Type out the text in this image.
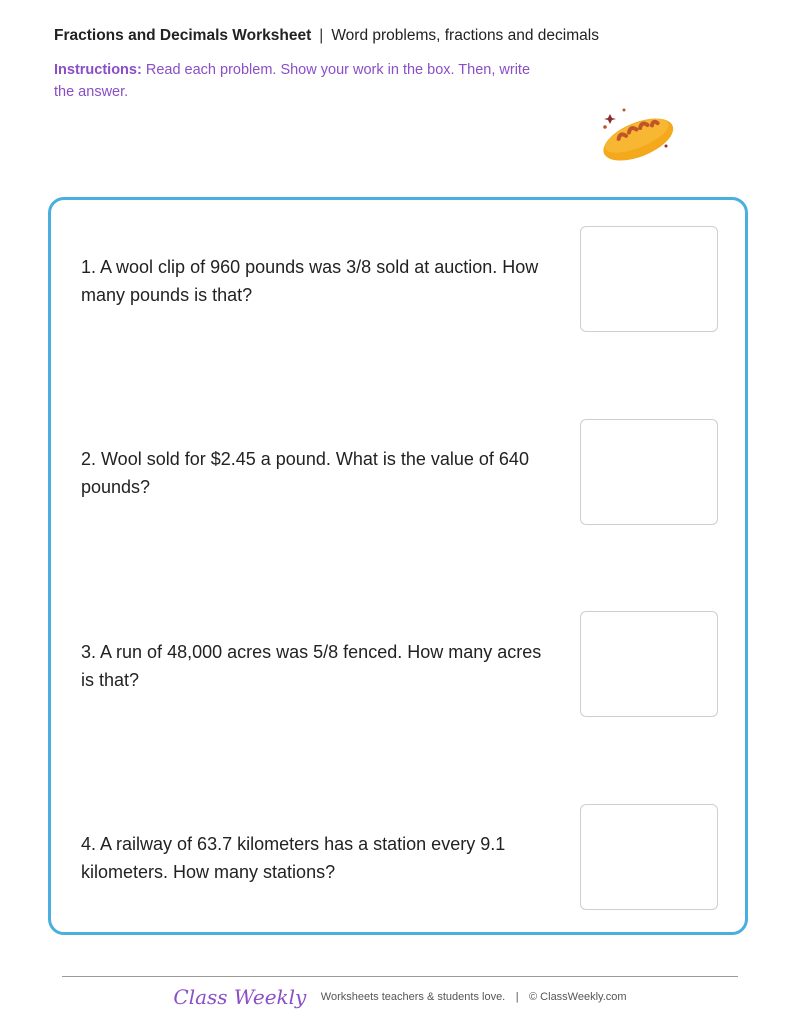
Fractions and Decimals Worksheet | Word problems, fractions and decimals
Instructions: Read each problem. Show your work in the box. Then, write the answer.
1. A wool clip of 960 pounds was 3/8 sold at auction. How many pounds is that?
2. Wool sold for $2.45 a pound. What is the value of 640 pounds?
3. A run of 48,000 acres was 5/8 fenced. How many acres is that?
4. A railway of 63.7 kilometers has a station every 9.1 kilometers. How many stations?
Class Weekly Worksheets teachers & students love. | © ClassWeekly.com
